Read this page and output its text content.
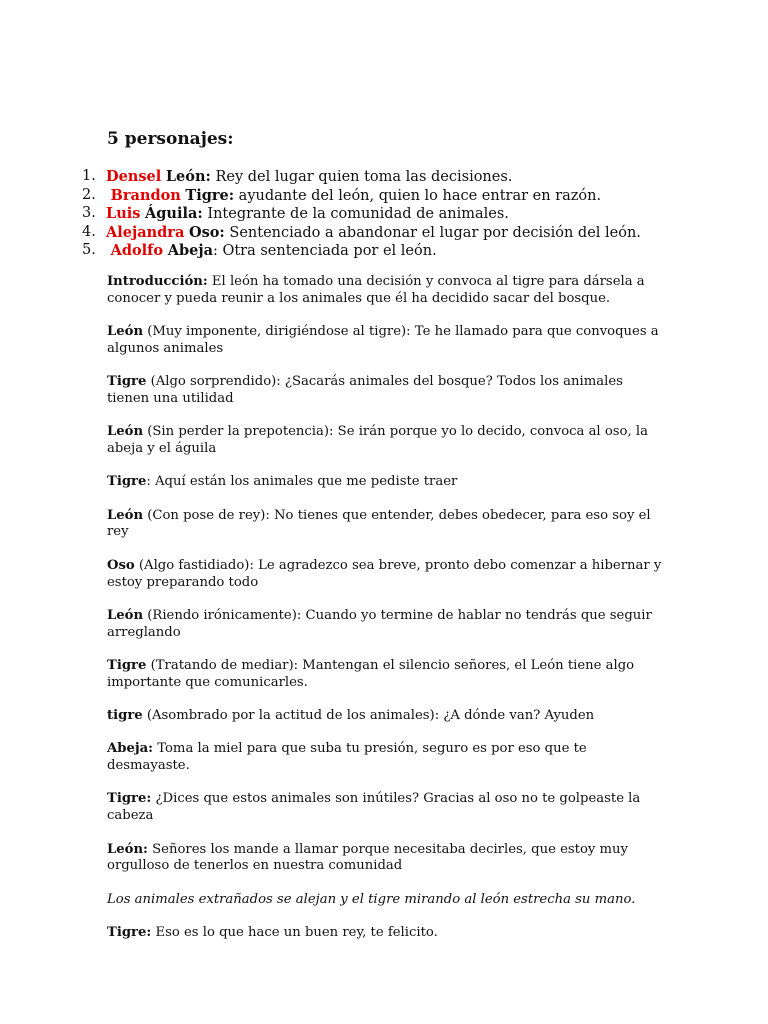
5 personajes:
1. Densel León: Rey del lugar quien toma las decisiones.
2. Brandon Tigre: ayudante del león, quien lo hace entrar en razón.
3. Luis Águila: Integrante de la comunidad de animales.
4. Alejandra Oso: Sentenciado a abandonar el lugar por decisión del león.
5. Adolfo Abeja: Otra sentenciada por el león.

Introducción: El león ha tomado una decisión y convoca al tigre para dársela a conocer y pueda reunir a los animales que él ha decidido sacar del bosque.

León (Muy imponente, dirigiéndose al tigre): Te he llamado para que convoques a algunos animales

Tigre (Algo sorprendido): ¿Sacarás animales del bosque? Todos los animales tienen una utilidad

León (Sin perder la prepotencia): Se irán porque yo lo decido, convoca al oso, la abeja y el águila

Tigre: Aquí están los animales que me pediste traer

León (Con pose de rey): No tienes que entender, debes obedecer, para eso soy el rey

Oso (Algo fastidiado): Le agradezco sea breve, pronto debo comenzar a hibernar y estoy preparando todo

León (Riendo irónicamente): Cuando yo termine de hablar no tendrás que seguir arreglando

Tigre (Tratando de mediar): Mantengan el silencio señores, el León tiene algo importante que comunicarles.

tigre (Asombrado por la actitud de los animales): ¿A dónde van? Ayuden

Abeja: Toma la miel para que suba tu presión, seguro es por eso que te desmayaste.

Tigre: ¿Dices que estos animales son inútiles? Gracias al oso no te golpeaste la cabeza

León: Señores los mande a llamar porque necesitaba decirles, que estoy muy orgulloso de tenerlos en nuestra comunidad

Los animales extrañados se alejan y el tigre mirando al león estrecha su mano.

Tigre: Eso es lo que hace un buen rey, te felicito.
